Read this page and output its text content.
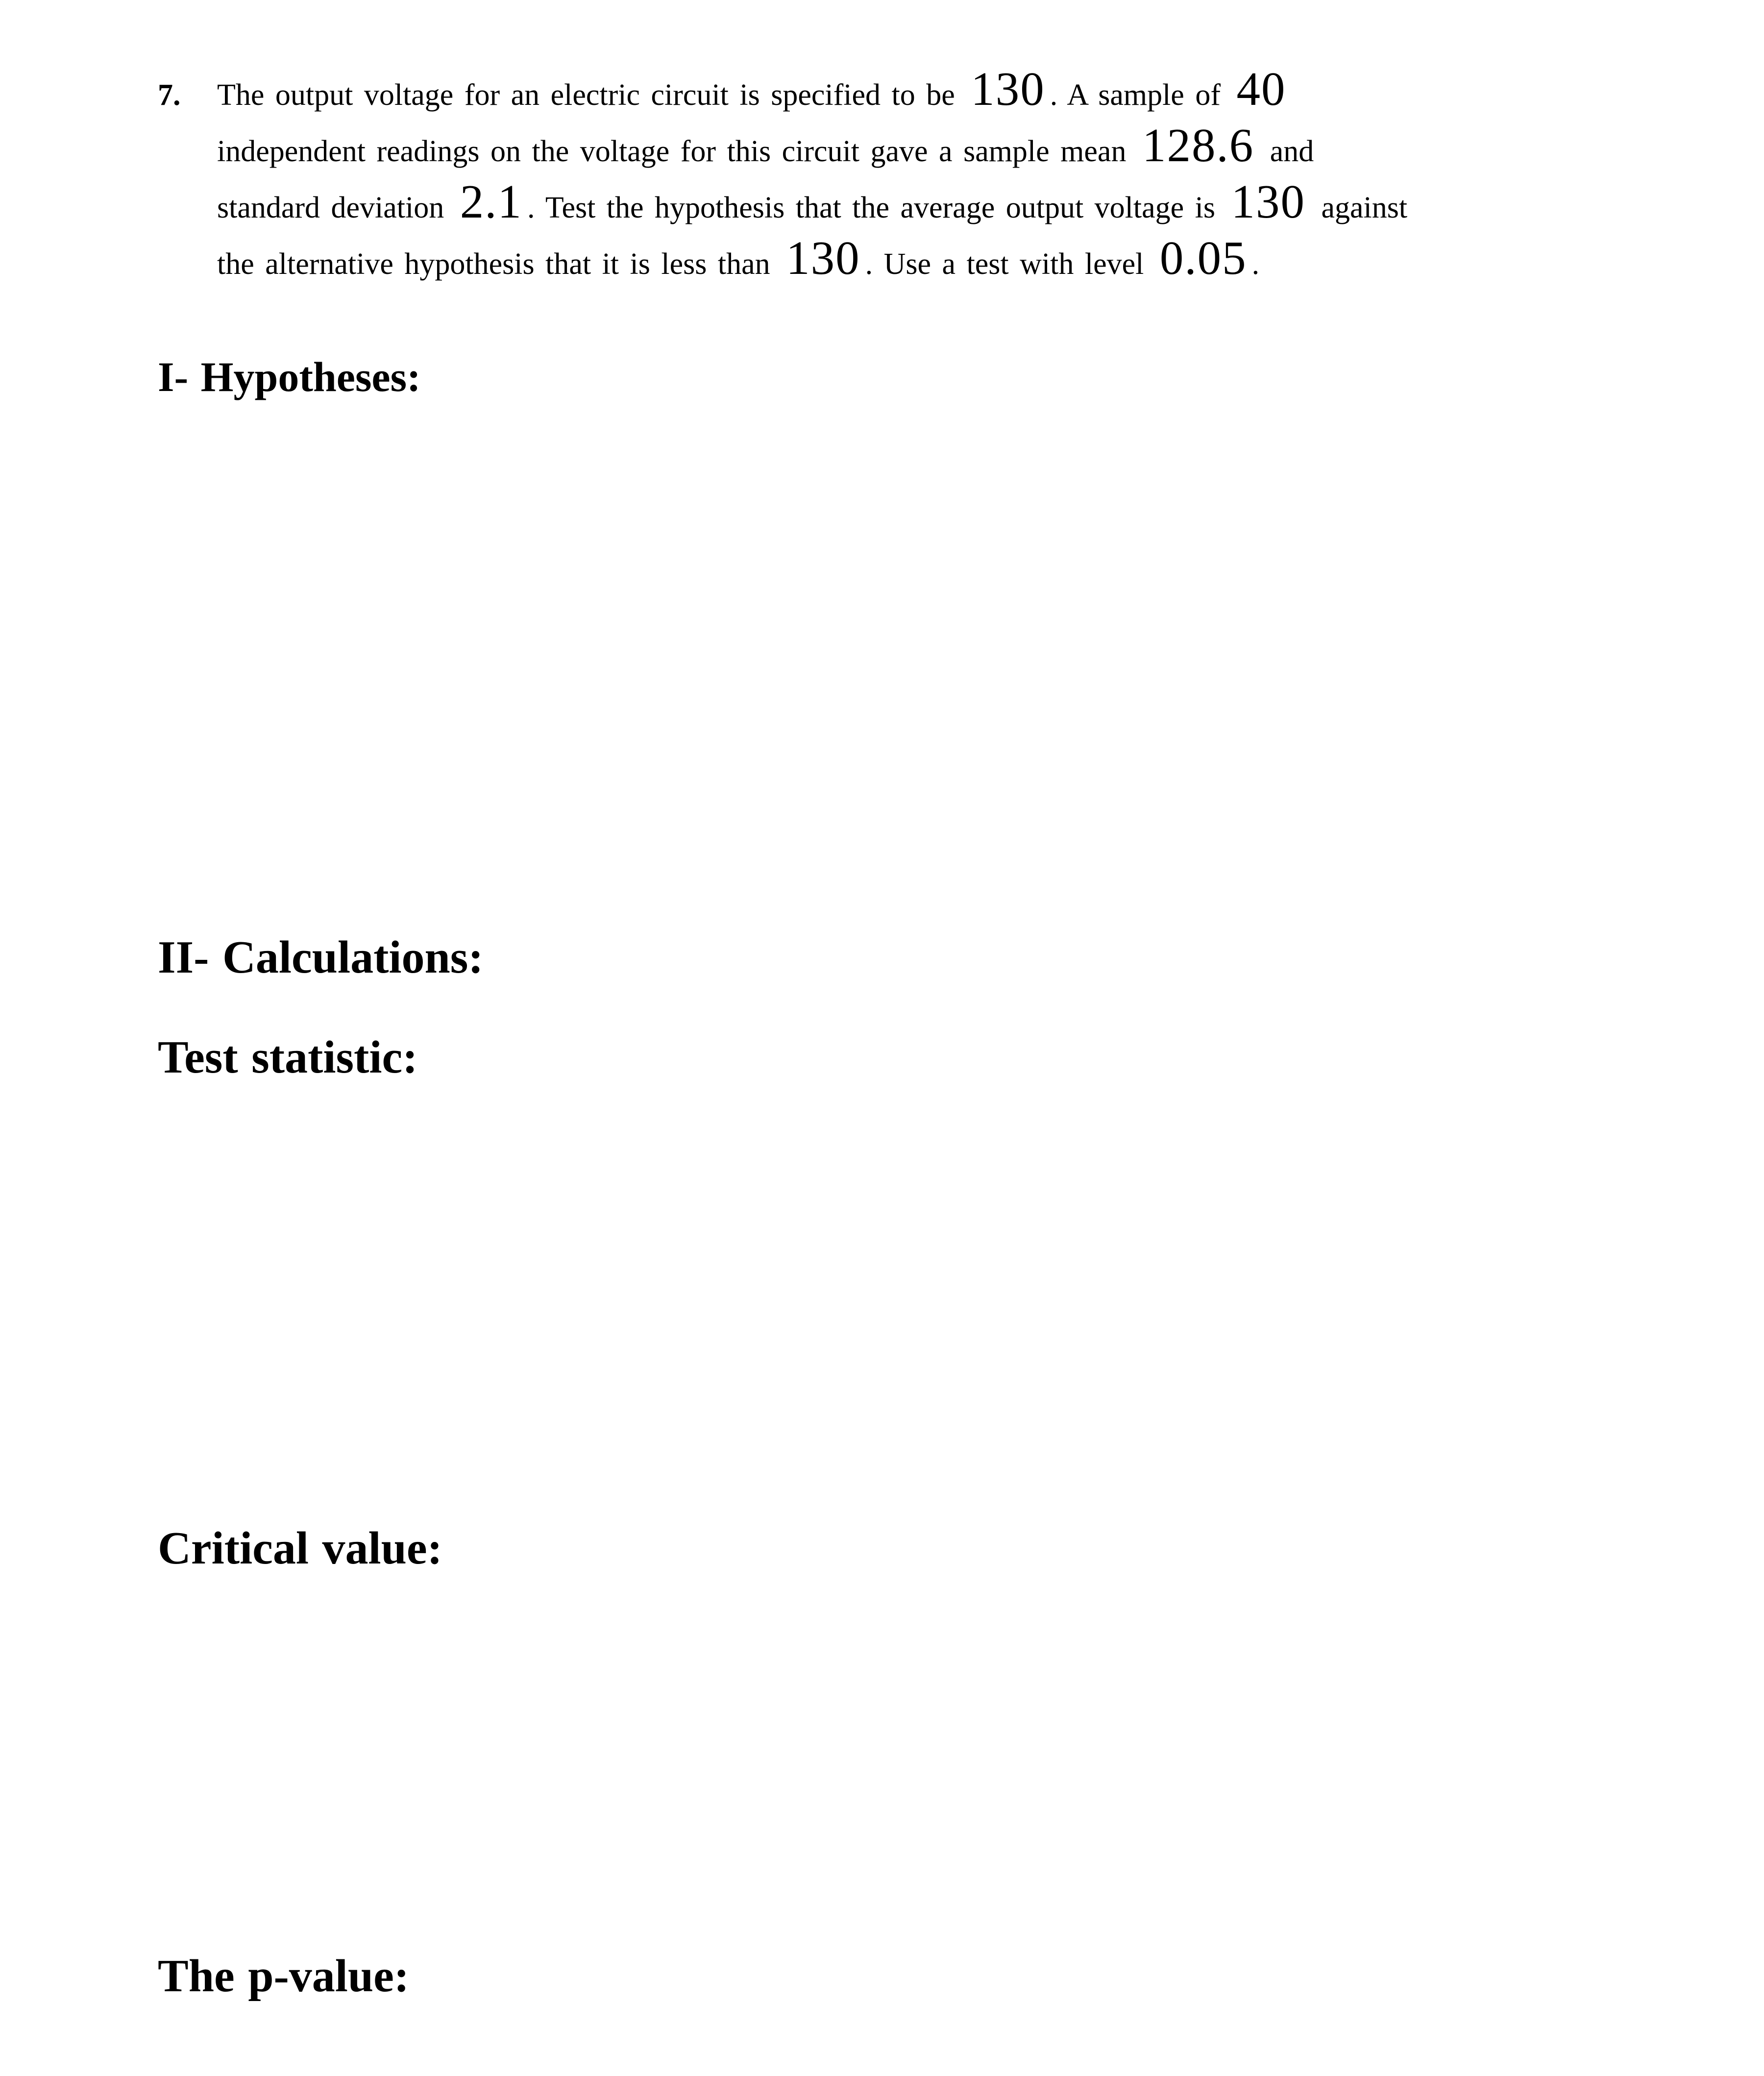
7. The output voltage for an electric circuit is specified to be 130 . A sample of 40
independent readings on the voltage for this circuit gave a sample mean 128.6 and
standard deviation 2.1 . Test the hypothesis that the average output voltage is 130 against
the alternative hypothesis that it is less than 130 . Use a test with level 0.05 .
I- Hypotheses:
II- Calculations:
Test statistic:
Critical value:
The p-value:
